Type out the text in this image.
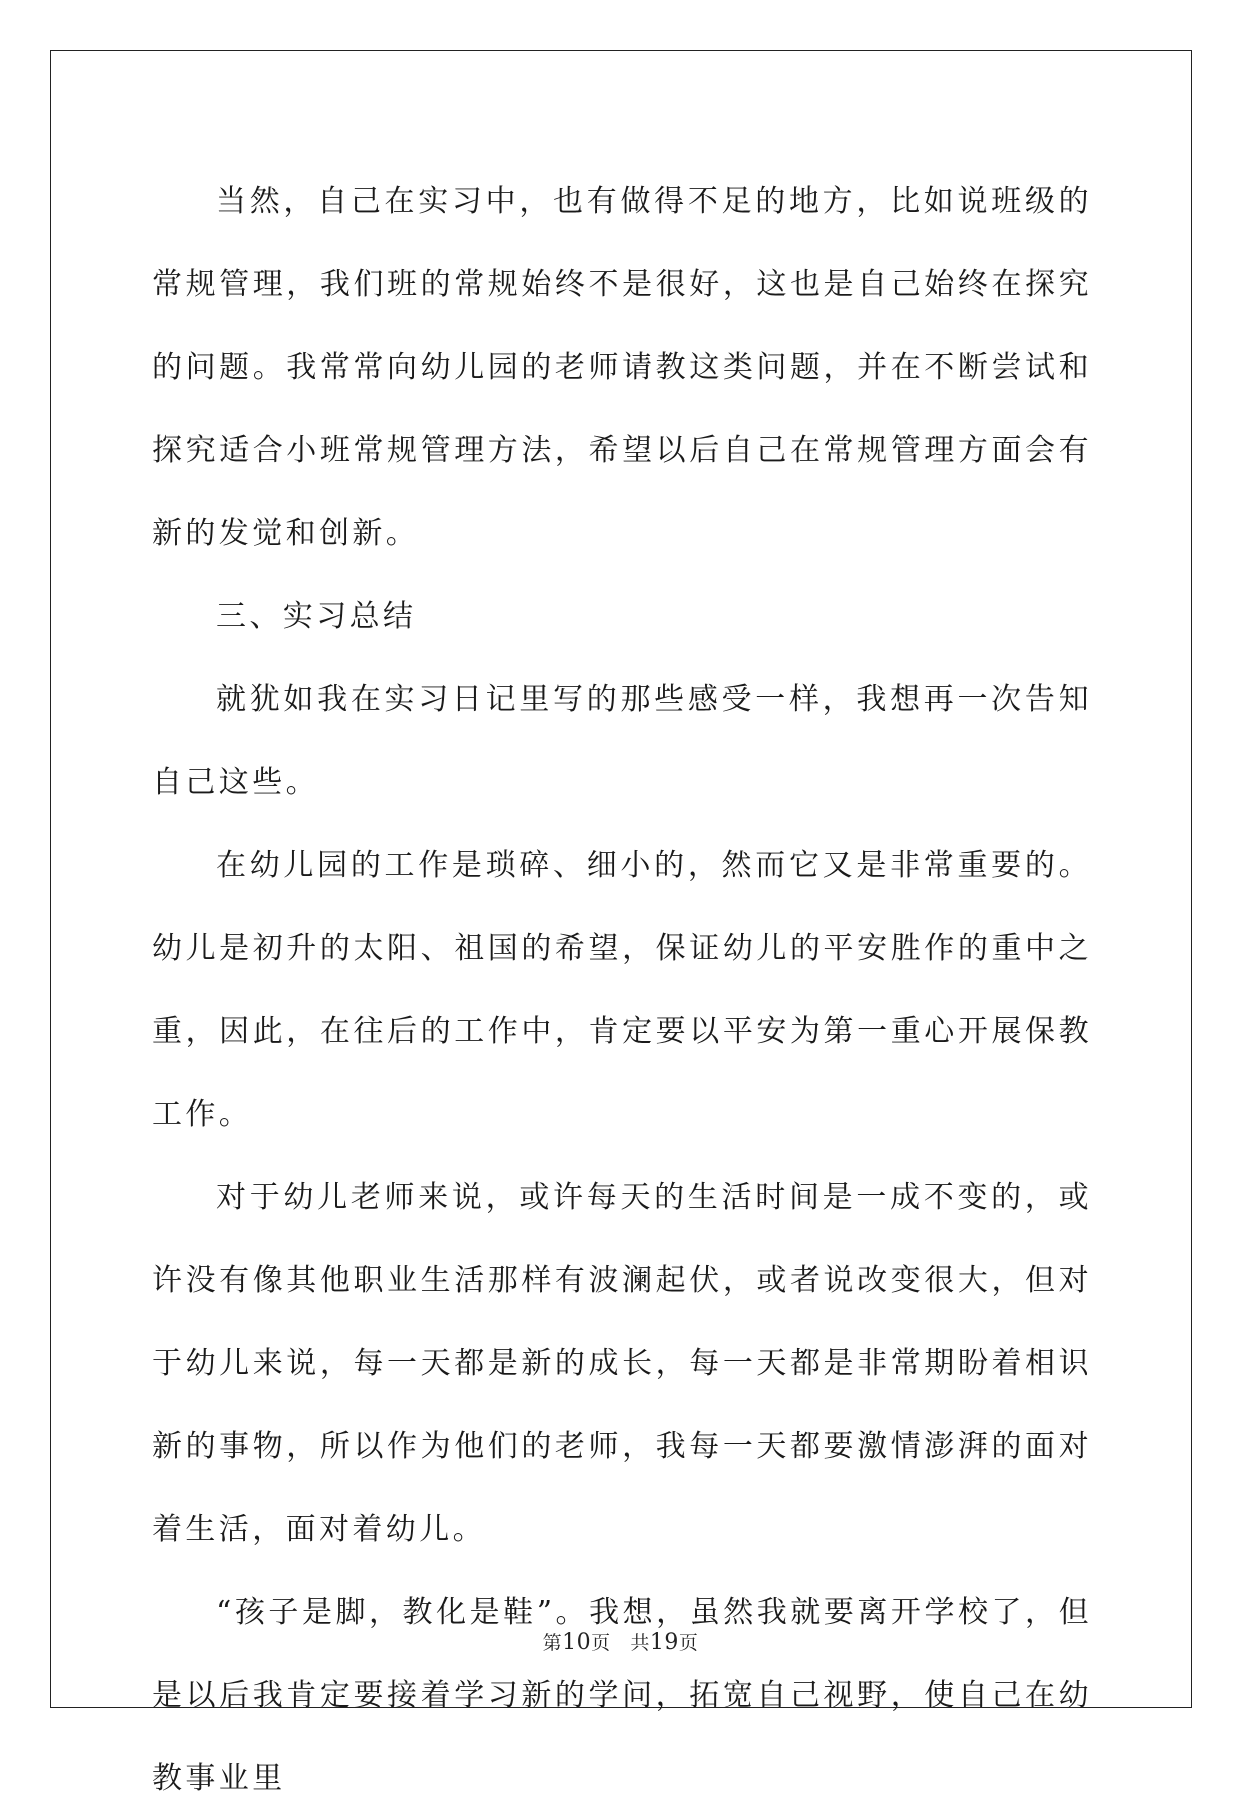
当然，自己在实习中，也有做得不足的地方，比如说班级的常规管理，我们班的常规始终不是很好，这也是自己始终在探究的问题。我常常向幼儿园的老师请教这类问题，并在不断尝试和探究适合小班常规管理方法，希望以后自己在常规管理方面会有新的发觉和创新。

三、实习总结

就犹如我在实习日记里写的那些感受一样，我想再一次告知自己这些。

在幼儿园的工作是琐碎、细小的，然而它又是非常重要的。幼儿是初升的太阳、祖国的希望，保证幼儿的平安胜作的重中之重，因此，在往后的工作中，肯定要以平安为第一重心开展保教工作。

对于幼儿老师来说，或许每天的生活时间是一成不变的，或许没有像其他职业生活那样有波澜起伏，或者说改变很大，但对于幼儿来说，每一天都是新的成长，每一天都是非常期盼着相识新的事物，所以作为他们的老师，我每一天都要激情澎湃的面对着生活，面对着幼儿。

“孩子是脚，教化是鞋”。我想，虽然我就要离开学校了，但是以后我肯定要接着学习新的学问，拓宽自己视野，使自己在幼教事业里

第10页 共19页
